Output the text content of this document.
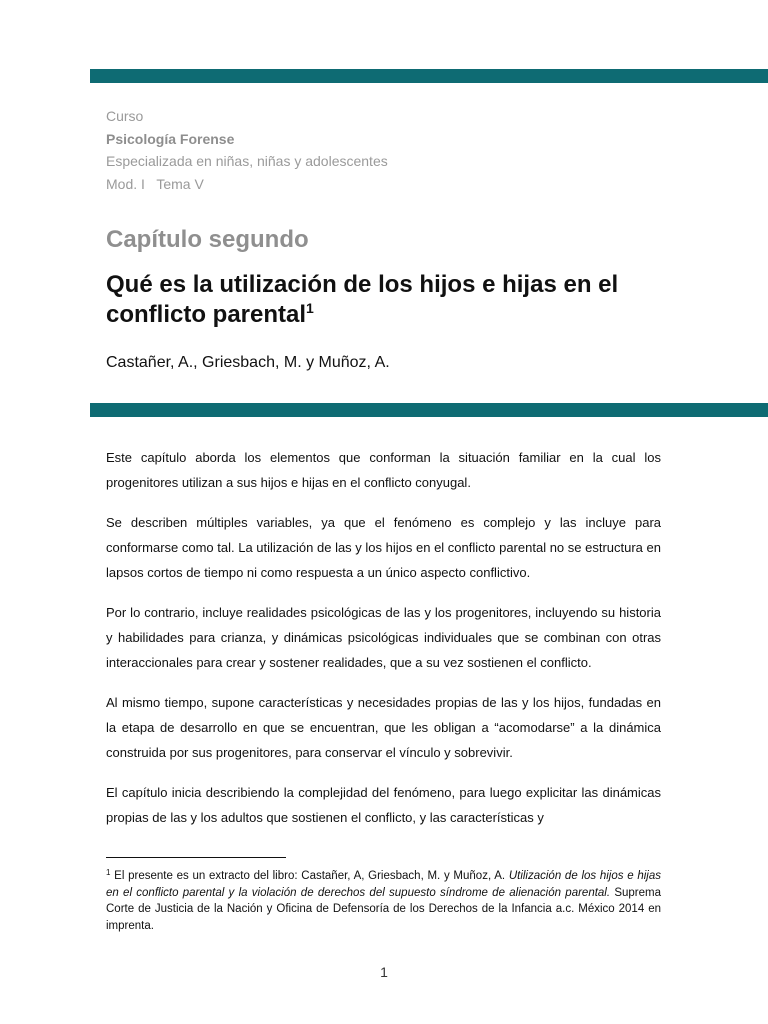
Curso
Psicología Forense
Especializada en niñas, niñas y adolescentes
Mod. I   Tema V
Capítulo segundo
Qué es la utilización de los hijos e hijas en el conflicto parental$^1$
Castañer, A., Griesbach, M. y Muñoz, A.

Este capítulo aborda los elementos que conforman la situación familiar en la cual los progenitores utilizan a sus hijos e hijas en el conflicto conyugal.

Se describen múltiples variables, ya que el fenómeno es complejo y las incluye para conformarse como tal. La utilización de las y los hijos en el conflicto parental no se estructura en lapsos cortos de tiempo ni como respuesta a un único aspecto conflictivo.

Por lo contrario, incluye realidades psicológicas de las y los progenitores, incluyendo su historia y habilidades para crianza, y dinámicas psicológicas individuales que se combinan con otras interaccionales para crear y sostener realidades, que a su vez sostienen el conflicto.

Al mismo tiempo, supone características y necesidades propias de las y los hijos, fundadas en la etapa de desarrollo en que se encuentran, que les obligan a “acomodarse” a la dinámica construida por sus progenitores, para conservar el vínculo y sobrevivir.

El capítulo inicia describiendo la complejidad del fenómeno, para luego explicitar las dinámicas propias de las y los adultos que sostienen el conflicto, y las características y

$^1$ El presente es un extracto del libro: Castañer, A, Griesbach, M. y Muñoz, A. Utilización de los hijos e hijas en el conflicto parental y la violación de derechos del supuesto síndrome de alienación parental. Suprema Corte de Justicia de la Nación y Oficina de Defensoría de los Derechos de la Infancia a.c. México 2014 en imprenta.
1
